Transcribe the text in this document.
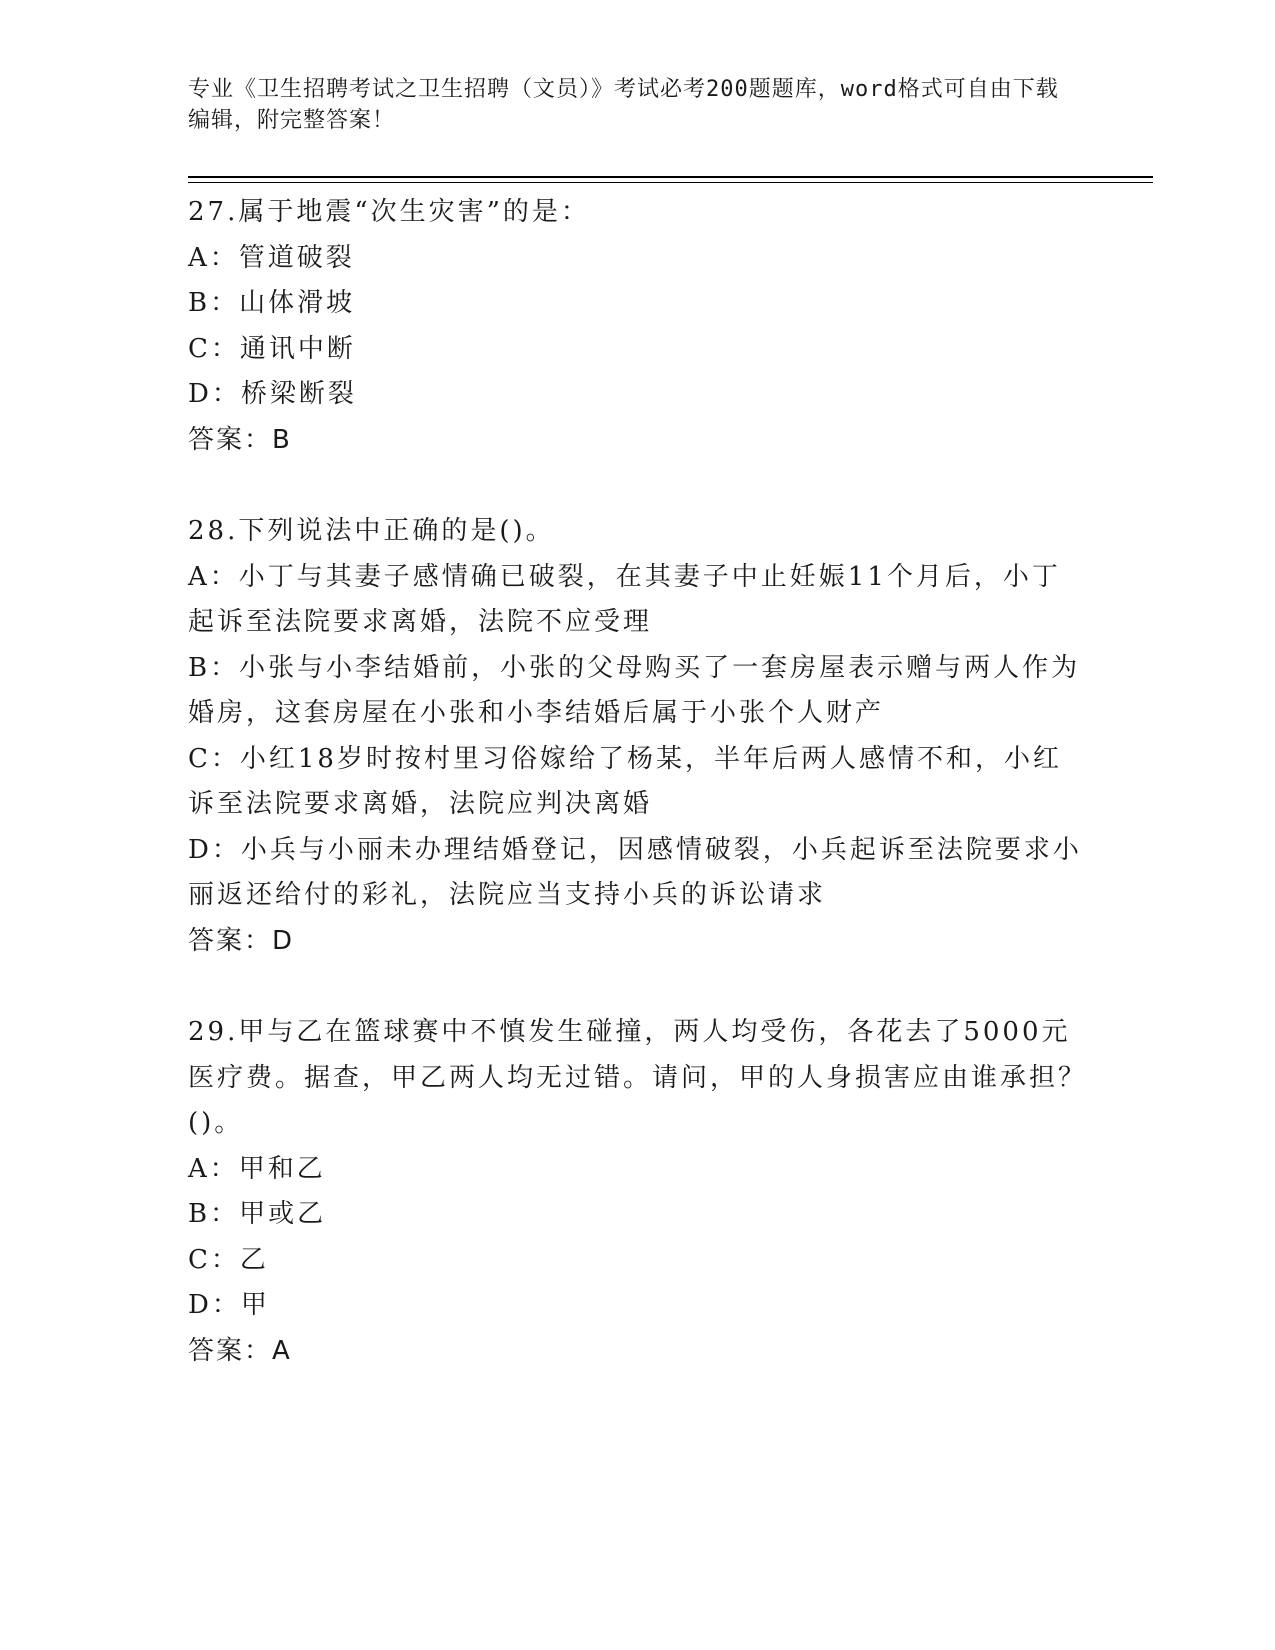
专业《卫生招聘考试之卫生招聘（文员）》考试必考200题题库，word格式可自由下载编辑，附完整答案！
27.属于地震“次生灾害”的是：
A：管道破裂
B：山体滑坡
C：通讯中断
D：桥梁断裂
答案：B
28.下列说法中正确的是()。
A：小丁与其妻子感情确已破裂，在其妻子中止妊娠11个月后，小丁起诉至法院要求离婚，法院不应受理
B：小张与小李结婚前，小张的父母购买了一套房屋表示赠与两人作为婚房，这套房屋在小张和小李结婚后属于小张个人财产
C：小红18岁时按村里习俗嫁给了杨某，半年后两人感情不和，小红诉至法院要求离婚，法院应判决离婚
D：小兵与小丽未办理结婚登记，因感情破裂，小兵起诉至法院要求小丽返还给付的彩礼，法院应当支持小兵的诉讼请求
答案：D
29.甲与乙在篮球赛中不慎发生碰撞，两人均受伤，各花去了5000元医疗费。据查，甲乙两人均无过错。请问，甲的人身损害应由谁承担？()。
A：甲和乙
B：甲或乙
C：乙
D：甲
答案：A
